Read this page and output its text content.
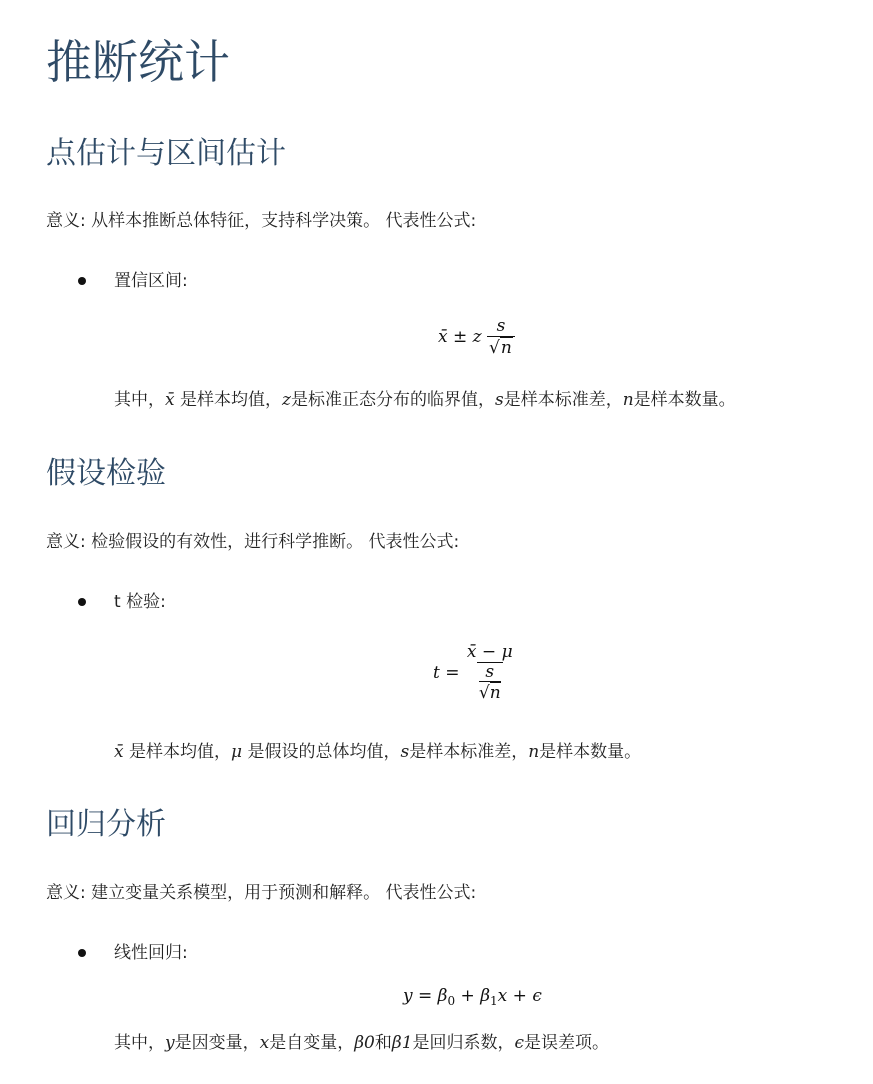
推断统计
点估计与区间估计
意义: 从样本推断总体特征，支持科学决策。 代表性公式:
置信区间:
x̄ ± z $\frac{s}{√n}$
其中，x̄ 是样本均值，z是标准正态分布的临界值，s是样本标准差，n是样本数量。
假设检验
意义: 检验假设的有效性，进行科学推断。 代表性公式:
t 检验:
t
=
x̄ − μ
s
√n
x̄ 是样本均值，μ 是假设的总体均值，s是样本标准差，n是样本数量。
回归分析
意义: 建立变量关系模型，用于预测和解释。 代表性公式:
线性回归:
$y = \beta_0 + \beta_1x + \epsilon$
其中，y是因变量，x是自变量，β0和β1是回归系数，ϵ是误差项。
